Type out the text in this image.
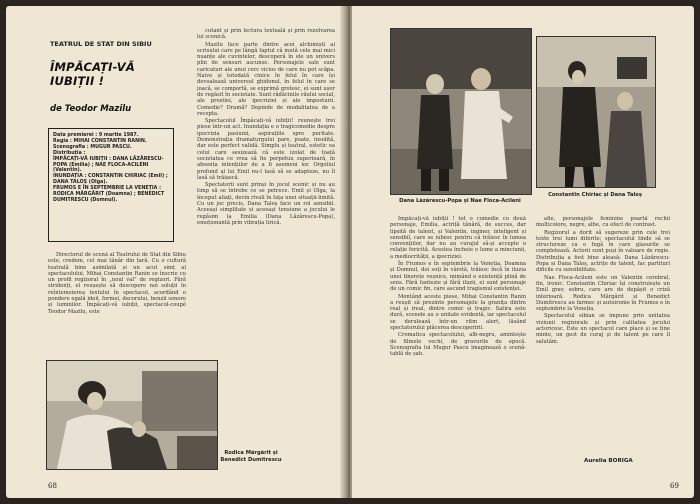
TEATRUL DE STAT DIN SIBIU
ÎMPĂCAȚI-VĂ IUBIȚII !
de Teodor Mazilu
Data premierei : 9 martie 1987.
Regia : MIHAI CONSTANTIN RANIN. Scenografia : MUGUR PASCU.
Distribuția :
ÎMPĂCAȚI-VĂ IUBIȚII : DANA LĂZĂRESCU-POPA (Emilia) ; NAE FLOCA-ACILENI (Valentin).
INUNDAȚIA : CONSTANTIN CHIRIAC (Emil) ; DANA TALOȘ (Olga).
FRUMOS E ÎN SEPTEMBRIE LA VENEȚIA : RODICA MĂRGĂRIT (Doamna) ; BENEDICT DUMITRESCU (Domnul).

Directorul de scenă al Teatrului de Stat din Sibiu este, credem, cel mai tânăr din țară. Cu o cultură teatrală bine asimilată și un acut simț al spectacolului, Mihai Constantin Ranin se înscrie cu un profil regizoral în „noul val” de regizori. Fără stridenți, el reușește să descopere noi soluții în reîntemeierea textului în spectacol, acordând o pondere egală ideii, formei, decorului, benzii sonore și luminilor. Împăcați-vă iubiții, spectacol-coupé Teodor Mazilu, este

cutant și prin lectura textuală și prin rezolvarea lui scenică.

Mazilu face parte dintre acei alchimiști ai scrisului care pe lângă faptul că mută cele mai mici nuanțe ale cuvintelor, descoperă în ele un univers plin de sensuri ascunse. Personajele sale sunt caricaturi ale unui cerc vicios de care nu pot scăpa. Naive și totodată cinice în felul în care își devoalează universul ghidonul, în felul în care se joacă, se comportă, se exprimă grotesc, ei sunt ușor de regăsit în societate. Sunt rădăcinile răului social, ale prostiei, ale ipocriziei și ale imposturii. Comedie? Dramă? Depinde de modalitatea de a recepta.

Spectacolul Împăcați-vă iubiții! reunește trei piese într-un act. Inundația e o tragicomedie despre ipocrizia pasiunii, aspirațiile spre puritate. Demonstrația dramaturgului pare, poate, insolită, dar este perfect validă. Simplu și teatral, estetic ea celui care sesizează că este izolat de toată societatea ce vrea să fie perpetuu superioară, în absența intențiilor de a fi asemeni lor. Orgoliul profund al lui Emil nu-l lasă să se adapteze, nu îl lasă să trăiască.

Spectatorii sunt prinși în jocul scenic și nu au timp să se întrebe ce se petrece. Emil și Olga, la început aliați, devin rivali în fața unei situații-limită. Cu un joc precis, Dana Taloș face un rol sensibil. Aceeași simplitate și aceeași tensiune a jocului le regăsim la Emilia (Dana Lăzărescu-Popa), emoționantă prin vibrația lirică.

Rodica Mărgărit și Benedict Dumitrescu
68
Dana Lăzărescu-Popa și Nae Floca-Acileni
Constantin Chiriac și Dana Taloș

Împăcați-vă iubiții ! tot o comedie cu două personaje, Emilia, actriță tânără, de succes, dar lipsită de talent, și Valentin, inginer, inteligent și sensibil, care se iubesc pentru că trăiesc în lumea convențiilor, dar nu au curajul să-și accepte o relație fericită. Acestea încheie o lume a minciunii, a mediocrității, a ipocriziei.

În Frumos e în septembrie la Veneția, Doamna și Domnul, doi soți în vârstă, trăiesc încă în iluzia unei tinerețe veșnice, mimând o existență plină de sens. Fără fantezie și fără iluzii, ei sunt personaje de un comic fin, care ascund tragismul existenței.

Montând aceste piese, Mihai Constantin Ranin a reușit să prezinte personajele la granița dintre real și ireal, dintre comic și tragic. Satira este dură, scenele au o unitate evidentă, iar spectacolul se derulează într-un ritm alert, lăsând spectatorului plăcerea descoperirii.

Cromatica spectacolului, alb-negru, amintește de filmele vechi, de gravurile de epocă. Scenografia lui Mugur Pascu imaginează o scenă-tablă de șah.

afie, personajele feminine poartă rochii multicolore, negre, albe, cu efect de contrast.

Regizorul a dorit să sugereze prin cele trei texte trei lumi diferite; spectacolul tinde să se structureze ca o fugă în care glasurile se completează. Actorii sunt puși în valoare de regie. Distribuția a fost bine aleasă: Dana Lăzărescu-Popa și Dana Taloș, actrițe de talent, fac partituri dificile cu sensibilitate.

Nae Floca-Acileni este un Valentin cerebral, fin, ironic. Constantin Chiriac își construiește un Emil grav, sobru, care are de depășit o criză interioară. Rodica Mărgărit și Benedict Dumitrescu au farmec și autoironie în Frumos e în septembrie la Veneția.

Spectacolul sibian se impune prin unitatea viziunii regizorale și prin calitatea jocului actoricesc. Este un spectacol care place și se ține minte, un gest de curaj și de talent pe care îl salutăm.

Aurelia BORIGA
69
